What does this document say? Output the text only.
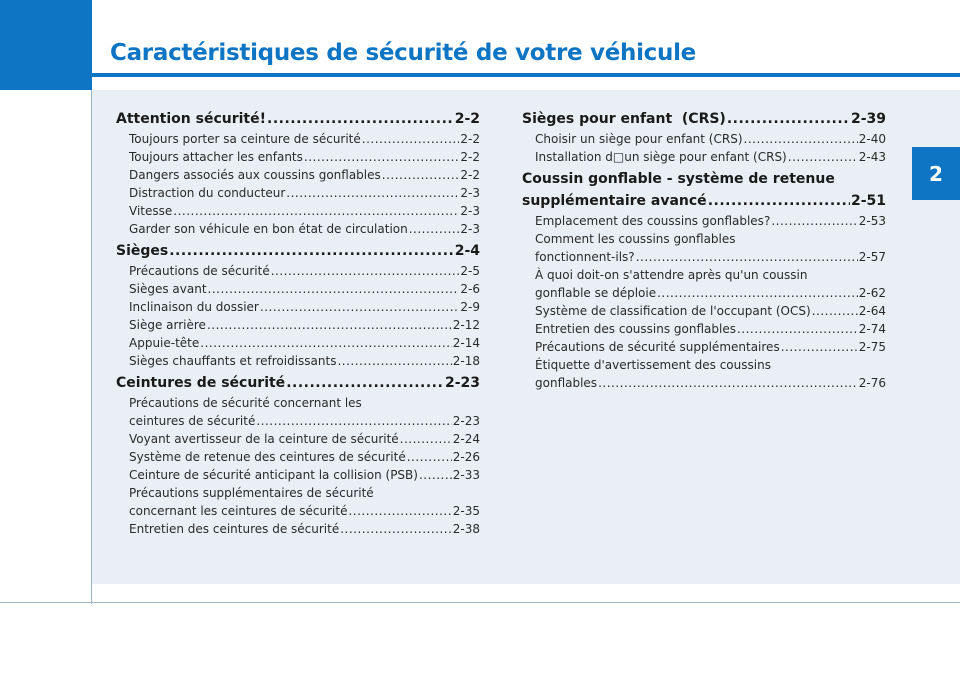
Caractéristiques de sécurité de votre véhicule
2
Attention sécurité! .....	2-2
Toujours porter sa ceinture de sécurité .....	2-2
Toujours attacher les enfants .....	2-2
Dangers associés aux coussins gonflables .....	2-2
Distraction du conducteur .....	2-3
Vitesse .....	2-3
Garder son véhicule en bon état de circulation .....	2-3
Sièges .....	2-4
Précautions de sécurité .....	2-5
Sièges avant .....	2-6
Inclinaison du dossier .....	2-9
Siège arrière .....	2-12
Appuie-tête .....	2-14
Sièges chauffants et refroidissants .....	2-18
Ceintures de sécurité .....	2-23
Précautions de sécurité concernant les
ceintures de sécurité .....	2-23
Voyant avertisseur de la ceinture de sécurité .....	2-24
Système de retenue des ceintures de sécurité .....	2-26
Ceinture de sécurité anticipant la collision (PSB) .....	2-33
Précautions supplémentaires de sécurité
concernant les ceintures de sécurité .....	2-35
Entretien des ceintures de sécurité .....	2-38
Sièges pour enfant  (CRS) .....	2-39
Choisir un siège pour enfant (CRS) .....	2-40
Installation d□un siège pour enfant (CRS) .....	2-43
Coussin gonflable - système de retenue
supplémentaire avancé .....	2-51
Emplacement des coussins gonflables? .....	2-53
Comment les coussins gonflables
fonctionnent-ils? .....	2-57
À quoi doit-on s'attendre après qu'un coussin
gonflable se déploie .....	2-62
Système de classification de l'occupant (OCS) .....	2-64
Entretien des coussins gonflables .....	2-74
Précautions de sécurité supplémentaires .....	2-75
Étiquette d'avertissement des coussins
gonflables .....	2-76
